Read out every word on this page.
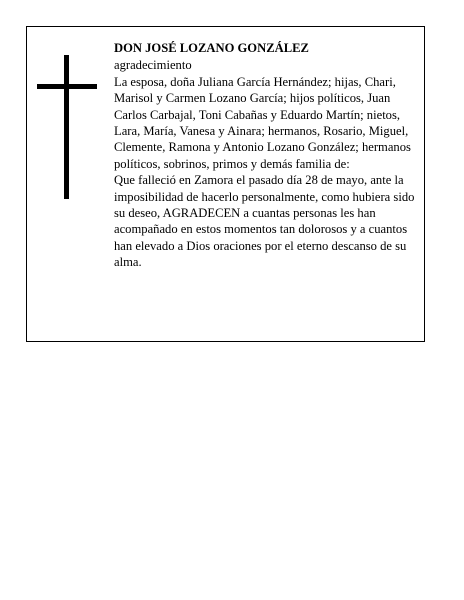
DON JOSÉ LOZANO GONZÁLEZ

agradecimiento

La esposa, doña Juliana García Hernández; hijas, Chari, Marisol y Carmen Lozano García; hijos políticos, Juan Carlos Carbajal, Toni Cabañas y Eduardo Martín; nietos, Lara, María, Vanesa y Ainara; hermanos, Rosario, Miguel, Clemente, Ramona y Antonio Lozano González; hermanos políticos, sobrinos, primos y demás familia de:

Que falleció en Zamora el pasado día 28 de mayo, ante la imposibilidad de hacerlo personalmente, como hubiera sido su deseo, AGRADECEN a cuantas personas les han acompañado en estos momentos tan dolorosos y a cuantos han elevado a Dios oraciones por el eterno descanso de su alma.
